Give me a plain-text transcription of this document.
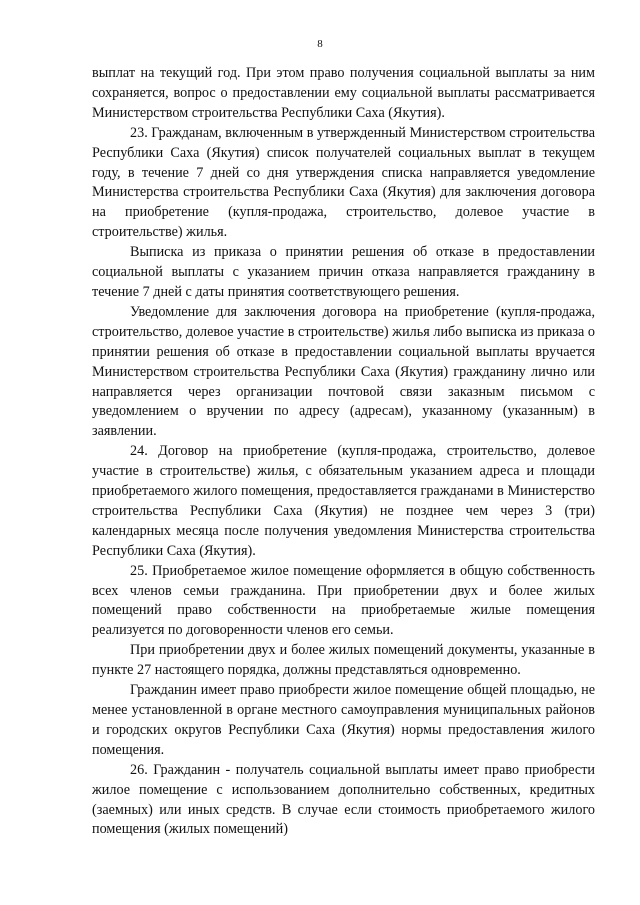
8

выплат на текущий год. При этом право получения социальной выплаты за ним сохраняется, вопрос о предоставлении ему социальной выплаты рассматривается Министерством строительства Республики Саха (Якутия).

23. Гражданам, включенным в утвержденный Министерством строительства Республики Саха (Якутия) список получателей социальных выплат в текущем году, в течение 7 дней со дня утверждения списка направляется уведомление Министерства строительства Республики Саха (Якутия) для заключения договора на приобретение (купля-продажа, строительство, долевое участие в строительстве) жилья.

Выписка из приказа о принятии решения об отказе в предоставлении социальной выплаты с указанием причин отказа направляется гражданину в течение 7 дней с даты принятия соответствующего решения.

Уведомление для заключения договора на приобретение (купля-продажа, строительство, долевое участие в строительстве) жилья либо выписка из приказа о принятии решения об отказе в предоставлении социальной выплаты вручается Министерством строительства Республики Саха (Якутия) гражданину лично или направляется через организации почтовой связи заказным письмом с уведомлением о вручении по адресу (адресам), указанному (указанным) в заявлении.

24. Договор на приобретение (купля-продажа, строительство, долевое участие в строительстве) жилья, с обязательным указанием адреса и площади приобретаемого жилого помещения, предоставляется гражданами в Министерство строительства Республики Саха (Якутия) не позднее чем через 3 (три) календарных месяца после получения уведомления Министерства строительства Республики Саха (Якутия).

25. Приобретаемое жилое помещение оформляется в общую собственность всех членов семьи гражданина. При приобретении двух и более жилых помещений право собственности на приобретаемые жилые помещения реализуется по договоренности членов его семьи.

При приобретении двух и более жилых помещений документы, указанные в пункте 27 настоящего порядка, должны представляться одновременно.

Гражданин имеет право приобрести жилое помещение общей площадью, не менее установленной в органе местного самоуправления муниципальных районов и городских округов Республики Саха (Якутия) нормы предоставления жилого помещения.

26. Гражданин - получатель социальной выплаты имеет право приобрести жилое помещение с использованием дополнительно собственных, кредитных (заемных) или иных средств. В случае если стоимость приобретаемого жилого помещения (жилых помещений)
